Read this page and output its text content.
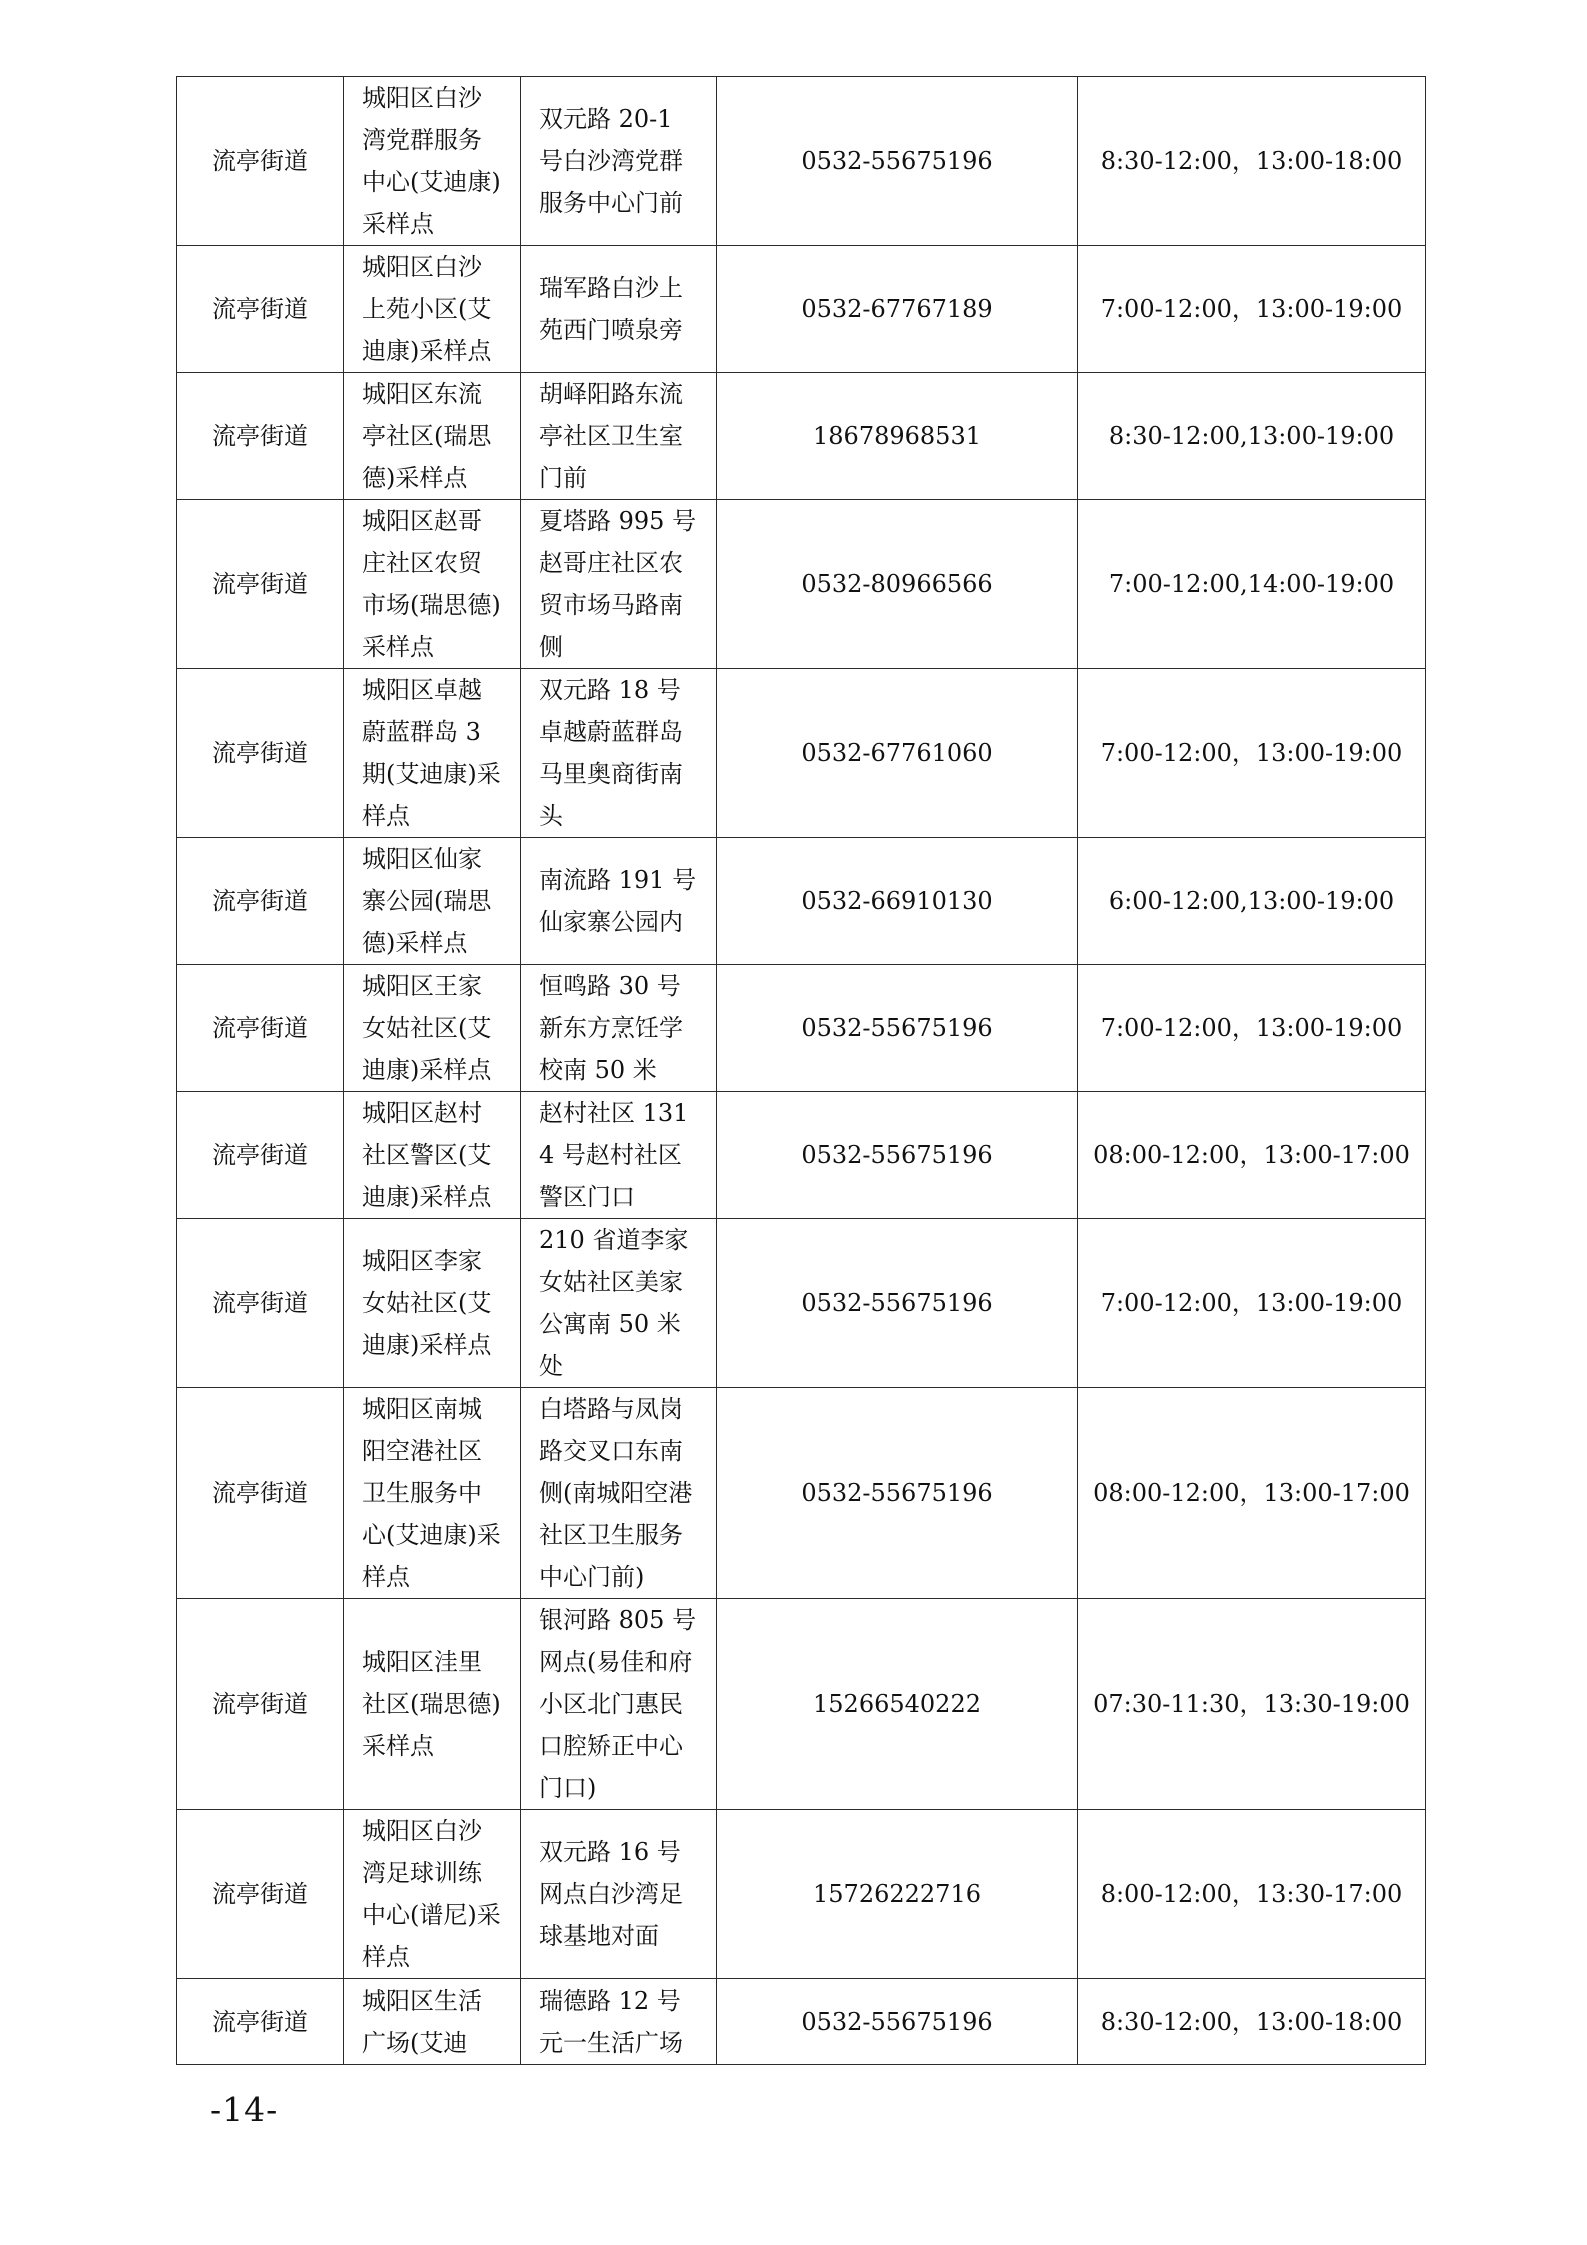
流亭街道	城阳区白沙湾党群服务中心(艾迪康)采样点	双元路 20-1 号白沙湾党群服务中心门前	0532-55675196	8:30-12:00，13:00-18:00
流亭街道	城阳区白沙上苑小区(艾迪康)采样点	瑞军路白沙上苑西门喷泉旁	0532-67767189	7:00-12:00，13:00-19:00
流亭街道	城阳区东流亭社区(瑞思德)采样点	胡峄阳路东流亭社区卫生室门前	18678968531	8:30-12:00,13:00-19:00
流亭街道	城阳区赵哥庄社区农贸市场(瑞思德)采样点	夏塔路 995 号赵哥庄社区农贸市场马路南侧	0532-80966566	7:00-12:00,14:00-19:00
流亭街道	城阳区卓越蔚蓝群岛 3 期(艾迪康)采样点	双元路 18 号卓越蔚蓝群岛马里奥商街南头	0532-67761060	7:00-12:00，13:00-19:00
流亭街道	城阳区仙家寨公园(瑞思德)采样点	南流路 191 号仙家寨公园内	0532-66910130	6:00-12:00,13:00-19:00
流亭街道	城阳区王家女姑社区(艾迪康)采样点	恒鸣路 30 号新东方烹饪学校南 50 米	0532-55675196	7:00-12:00，13:00-19:00
流亭街道	城阳区赵村社区警区(艾迪康)采样点	赵村社区 1314 号赵村社区警区门口	0532-55675196	08:00-12:00，13:00-17:00
流亭街道	城阳区李家女姑社区(艾迪康)采样点	210 省道李家女姑社区美家公寓南 50 米处	0532-55675196	7:00-12:00，13:00-19:00
流亭街道	城阳区南城阳空港社区卫生服务中心(艾迪康)采样点	白塔路与凤岗路交叉口东南侧(南城阳空港社区卫生服务中心门前)	0532-55675196	08:00-12:00，13:00-17:00
流亭街道	城阳区洼里社区(瑞思德)采样点	银河路 805 号网点(易佳和府小区北门惠民口腔矫正中心门口)	15266540222	07:30-11:30，13:30-19:00
流亭街道	城阳区白沙湾足球训练中心(谱尼)采样点	双元路 16 号网点白沙湾足球基地对面	15726222716	8:00-12:00，13:30-17:00
流亭街道	城阳区生活广场(艾迪	瑞德路 12 号元一生活广场	0532-55675196	8:30-12:00，13:00-18:00
-14-
